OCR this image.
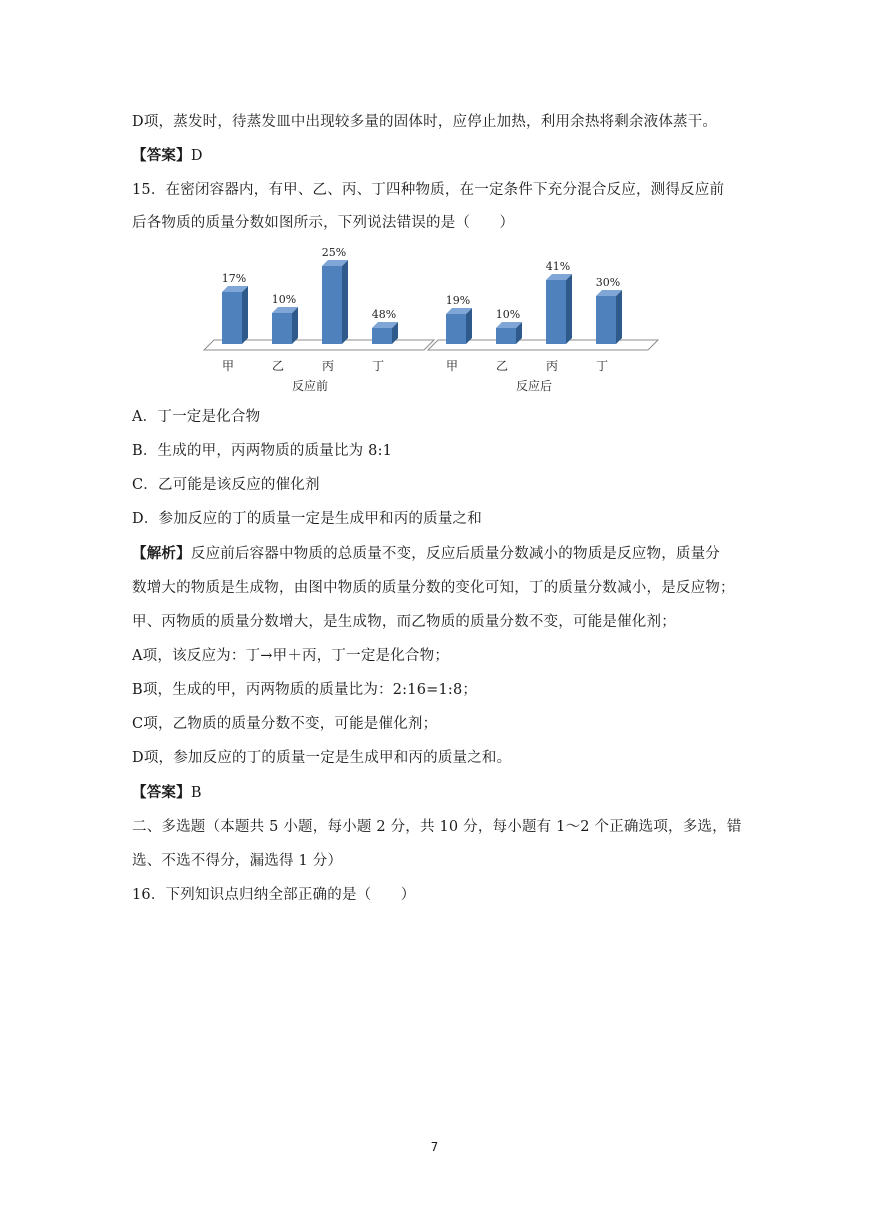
D项，蒸发时，待蒸发皿中出现较多量的固体时，应停止加热，利用余热将剩余液体蒸干。
【答案】D
15．在密闭容器内，有甲、乙、丙、丁四种物质，在一定条件下充分混合反应，测得反应前
后各物质的质量分数如图所示，下列说法错误的是（　　）
17%
甲
10%
乙
25%
丙
48%
丁
反应前
19%
甲
10%
乙
41%
丙
30%
丁
反应后
A．丁一定是化合物
B．生成的甲，丙两物质的质量比为 8:1
C．乙可能是该反应的催化剂
D．参加反应的丁的质量一定是生成甲和丙的质量之和
【解析】反应前后容器中物质的总质量不变，反应后质量分数减小的物质是反应物，质量分
数增大的物质是生成物，由图中物质的质量分数的变化可知，丁的质量分数减小，是反应物；
甲、丙物质的质量分数增大，是生成物，而乙物质的质量分数不变，可能是催化剂；
A项，该反应为：丁→甲＋丙，丁一定是化合物；
B项，生成的甲，丙两物质的质量比为：2:16=1:8；
C项，乙物质的质量分数不变，可能是催化剂；
D项，参加反应的丁的质量一定是生成甲和丙的质量之和。
【答案】B
二、多选题（本题共 5 小题，每小题 2 分，共 10 分，每小题有 1～2 个正确选项，多选，错
选、不选不得分，漏选得 1 分）
16．下列知识点归纳全部正确的是（　　）
7
